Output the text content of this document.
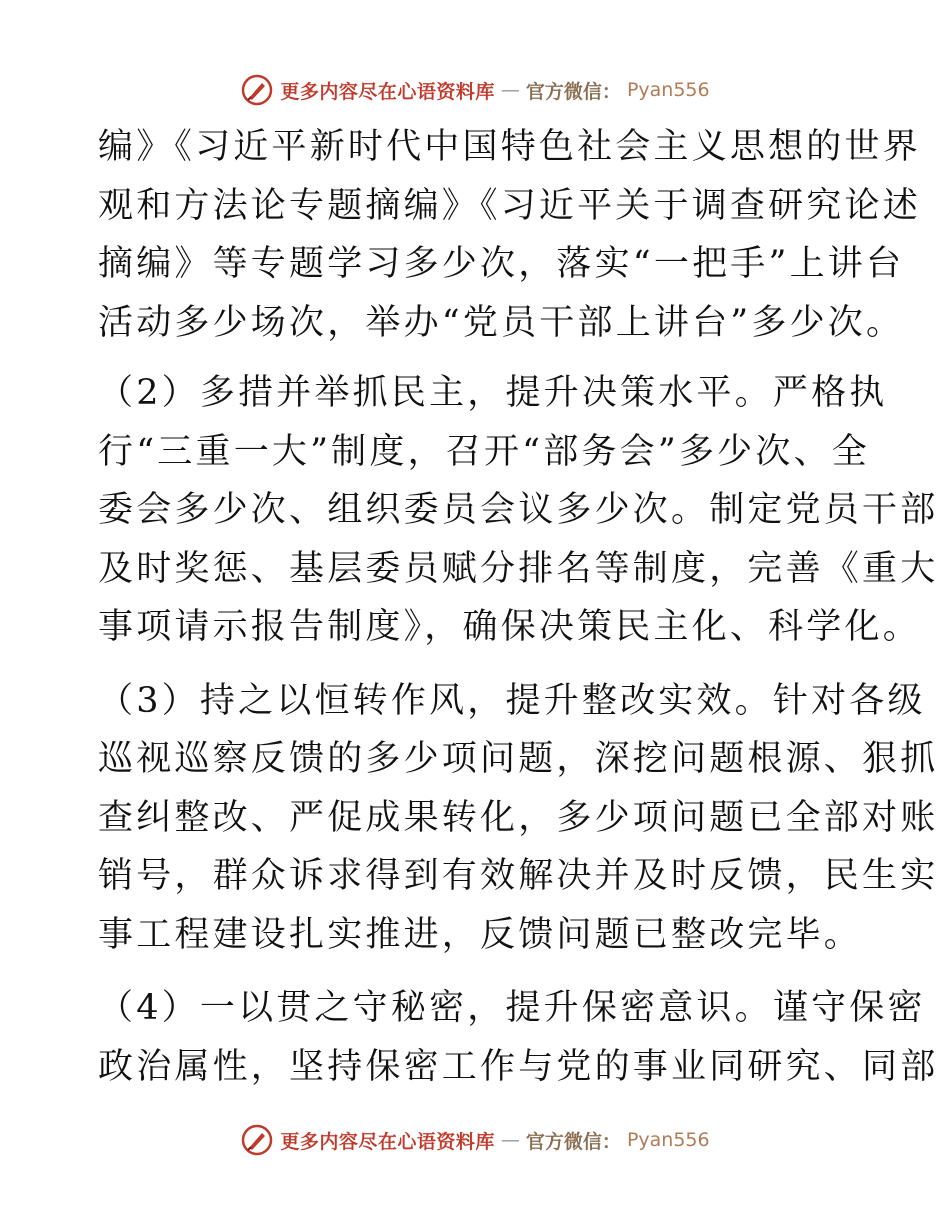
更多内容尽在心语资料库 — 官方微信： Pyan556

编》《习近平新时代中国特色社会主义思想的世界
观和方法论专题摘编》《习近平关于调查研究论述
摘编》等专题学习多少次，落实“一把手”上讲台
活动多少场次，举办“党员干部上讲台”多少次。

（2）多措并举抓民主，提升决策水平。严格执
行“三重一大”制度，召开“部务会”多少次、全
委会多少次、组织委员会议多少次。制定党员干部
及时奖惩、基层委员赋分排名等制度，完善《重大
事项请示报告制度》，确保决策民主化、科学化。

（3）持之以恒转作风，提升整改实效。针对各级
巡视巡察反馈的多少项问题，深挖问题根源、狠抓
查纠整改、严促成果转化，多少项问题已全部对账
销号，群众诉求得到有效解决并及时反馈，民生实
事工程建设扎实推进，反馈问题已整改完毕。

（4）一以贯之守秘密，提升保密意识。谨守保密
政治属性，坚持保密工作与党的事业同研究、同部

更多内容尽在心语资料库 — 官方微信： Pyan556
